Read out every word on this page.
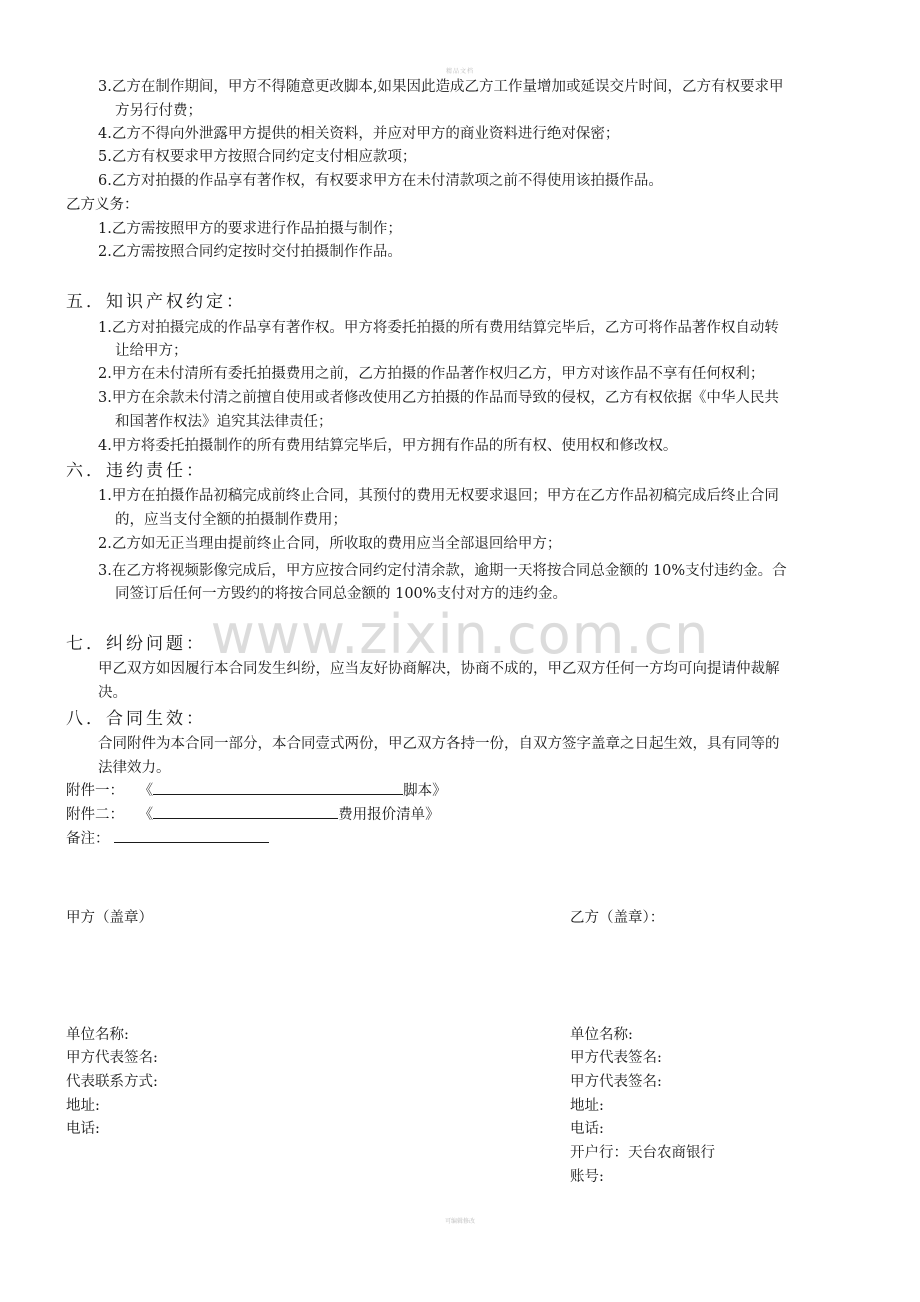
精品文档
www.zixin.com.cn
3.乙方在制作期间，甲方不得随意更改脚本,如果因此造成乙方工作量增加或延误交片时间，乙方有权要求甲
方另行付费；
4.乙方不得向外泄露甲方提供的相关资料，并应对甲方的商业资料进行绝对保密；
5.乙方有权要求甲方按照合同约定支付相应款项；
6.乙方对拍摄的作品享有著作权，有权要求甲方在未付清款项之前不得使用该拍摄作品。
乙方义务：
1.乙方需按照甲方的要求进行作品拍摄与制作；
2.乙方需按照合同约定按时交付拍摄制作作品。
五．知识产权约定：
1.乙方对拍摄完成的作品享有著作权。甲方将委托拍摄的所有费用结算完毕后，乙方可将作品著作权自动转
让给甲方；
2.甲方在未付清所有委托拍摄费用之前，乙方拍摄的作品著作权归乙方，甲方对该作品不享有任何权利；
3.甲方在余款未付清之前擅自使用或者修改使用乙方拍摄的作品而导致的侵权，乙方有权依据《中华人民共
和国著作权法》追究其法律责任；
4.甲方将委托拍摄制作的所有费用结算完毕后，甲方拥有作品的所有权、使用权和修改权。
六．违约责任：
1.甲方在拍摄作品初稿完成前终止合同，其预付的费用无权要求退回；甲方在乙方作品初稿完成后终止合同
的，应当支付全额的拍摄制作费用；
2.乙方如无正当理由提前终止合同，所收取的费用应当全部退回给甲方；
3.在乙方将视频影像完成后，甲方应按合同约定付清余款，逾期一天将按合同总金额的 10%支付违约金。合
同签订后任何一方毁约的将按合同总金额的 100%支付对方的违约金。
七．纠纷问题：
甲乙双方如因履行本合同发生纠纷，应当友好协商解决，协商不成的，甲乙双方任何一方均可向提请仲裁解
决。
八．合同生效：
合同附件为本合同一部分，本合同壹式两份，甲乙双方各持一份，自双方签字盖章之日起生效，具有同等的
法律效力。
附件一： 《	脚本》
附件二： 《	费用报价清单》
备注：
甲方（盖章）
单位名称:
甲方代表签名:
代表联系方式:
地址:
电话:
乙方（盖章）：
单位名称:
甲方代表签名:
甲方代表签名:
地址:
电话:
开户行：天台农商银行
账号:
可编辑修改
